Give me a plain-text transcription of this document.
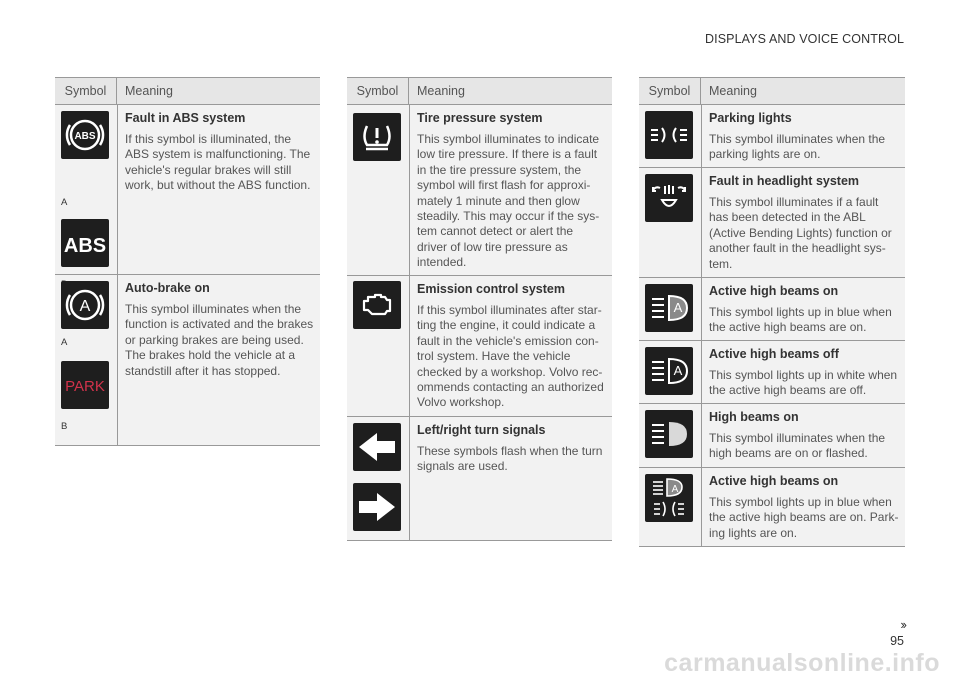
DISPLAYS AND VOICE CONTROL
Symbol	Meaning
ABS
A
ABS
Fault in ABS system

If this symbol is illuminated, the ABS system is malfunctioning. The vehicle's regular brakes will still work, but without the ABS function.

A
A
PARK
B
Auto-brake on

This symbol illuminates when the function is activated and the brakes or parking brakes are being used. The brakes hold the vehicle at a standstill after it has stopped.

Symbol	Meaning
Tire pressure system

This symbol illuminates to indicate low tire pressure. If there is a fault in the tire pressure system, the symbol will first flash for approxi-mately 1 minute and then glow steadily. This may occur if the sys-tem cannot detect or alert the driver of low tire pressure as intended.

Emission control system

If this symbol illuminates after star-ting the engine, it could indicate a fault in the vehicle's emission con-trol system. Have the vehicle checked by a workshop. Volvo rec-ommends contacting an authorized Volvo workshop.

Left/right turn signals

These symbols flash when the turn signals are used.

Symbol	Meaning
Parking lights

This symbol illuminates when the parking lights are on.

Fault in headlight system

This symbol illuminates if a fault has been detected in the ABL (Active Bending Lights) function or another fault in the headlight sys-tem.

A
Active high beams on

This symbol lights up in blue when the active high beams are on.

A
Active high beams off

This symbol lights up in white when the active high beams are off.

High beams on

This symbol illuminates when the high beams are on or flashed.

A
Active high beams on

This symbol lights up in blue when the active high beams are on. Park-ing lights are on.

››
95
carmanualsonline.info
